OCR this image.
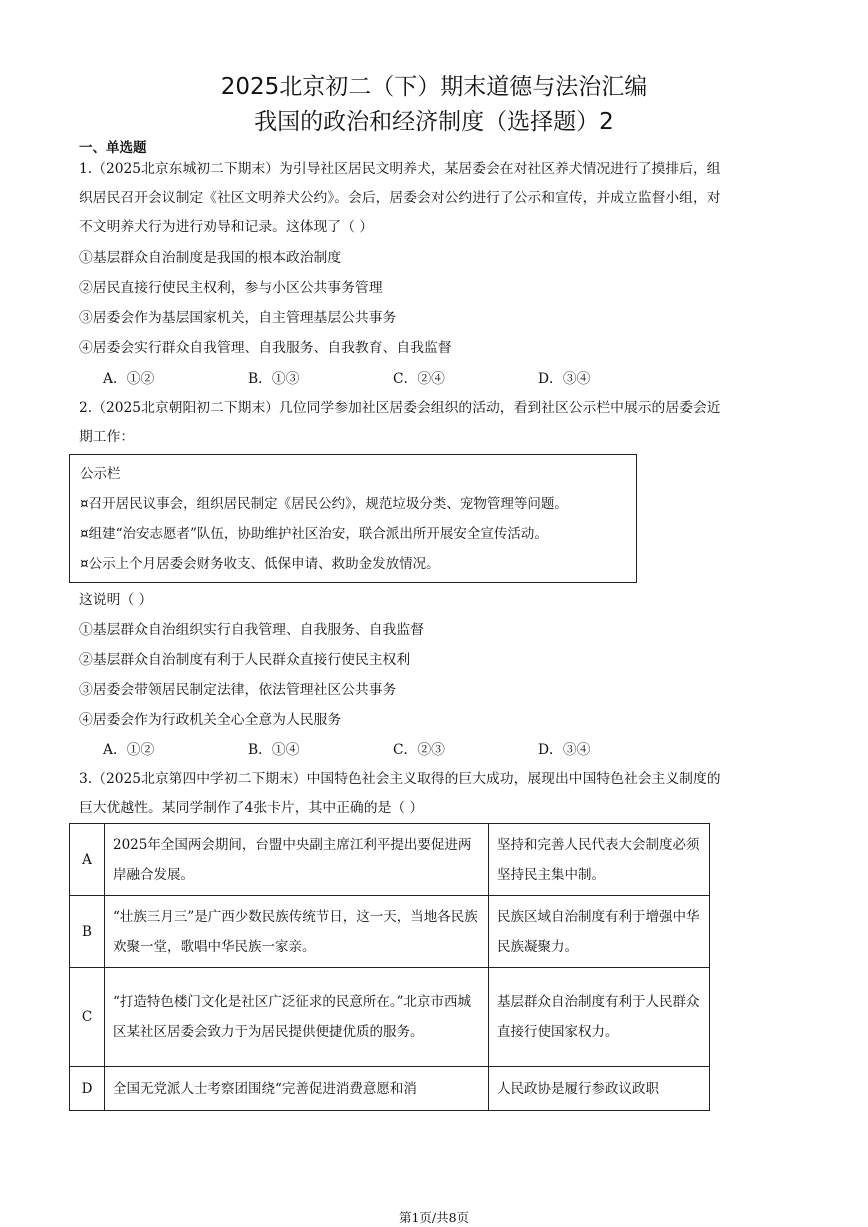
2025北京初二（下）期末道德与法治汇编
我国的政治和经济制度（选择题）2
一、单选题
1.（2025北京东城初二下期末）为引导社区居民文明养犬，某居委会在对社区养犬情况进行了摸排后，组
织居民召开会议制定《社区文明养犬公约》。会后，居委会对公约进行了公示和宣传，并成立监督小组，对
不文明养犬行为进行劝导和记录。这体现了（ ）
①基层群众自治制度是我国的根本政治制度
②居民直接行使民主权利，参与小区公共事务管理
③居委会作为基层国家机关，自主管理基层公共事务
④居委会实行群众自我管理、自我服务、自我教育、自我监督
A．①②	B．①③	C．②④	D．③④
2.（2025北京朝阳初二下期末）几位同学参加社区居委会组织的活动，看到社区公示栏中展示的居委会近
期工作：
公示栏
¤召开居民议事会，组织居民制定《居民公约》，规范垃圾分类、宠物管理等问题。
¤组建“治安志愿者”队伍，协助维护社区治安，联合派出所开展安全宣传活动。
¤公示上个月居委会财务收支、低保申请、救助金发放情况。
这说明（ ）
①基层群众自治组织实行自我管理、自我服务、自我监督
②基层群众自治制度有利于人民群众直接行使民主权利
③居委会带领居民制定法律，依法管理社区公共事务
④居委会作为行政机关全心全意为人民服务
A．①②	B．①④	C．②③	D．③④
3.（2025北京第四中学初二下期末）中国特色社会主义取得的巨大成功，展现出中国特色社会主义制度的
巨大优越性。某同学制作了4张卡片，其中正确的是（ ）
A	2025年全国两会期间，台盟中央副主席江利平提出要促进两岸融合发展。	坚持和完善人民代表大会制度必须坚持民主集中制。
B	“壮族三月三”是广西少数民族传统节日，这一天，当地各民族欢聚一堂，歌唱中华民族一家亲。	民族区域自治制度有利于增强中华民族凝聚力。
C	“打造特色楼门文化是社区广泛征求的民意所在。”北京市西城区某社区居委会致力于为居民提供便捷优质的服务。	基层群众自治制度有利于人民群众直接行使国家权力。
D	全国无党派人士考察团围绕“完善促进消费意愿和消	人民政协是履行参政议政职
第1页/共8页
